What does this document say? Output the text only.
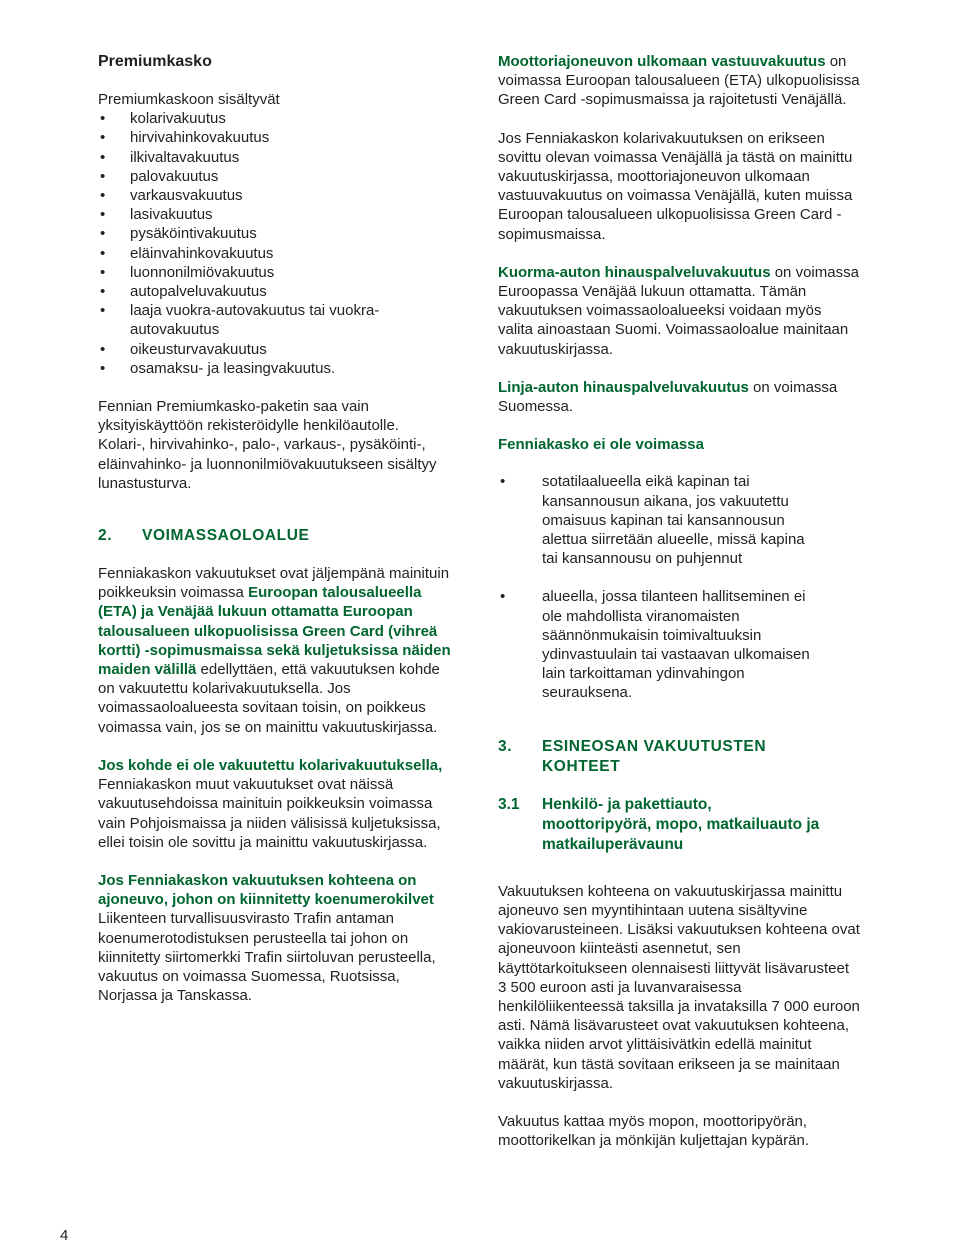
Premiumkasko

Premiumkaskoon sisältyvät

• kolarivakuutus
• hirvivahinkovakuutus
• ilkivaltavakuutus
• palovakuutus
• varkausvakuutus
• lasivakuutus
• pysäköintivakuutus
• eläinvahinkovakuutus
• luonnonilmiövakuutus
• autopalveluvakuutus
• laaja vuokra-autovakuutus tai vuokra-autovakuutus
• oikeusturvavakuutus
• osamaksu- ja leasingvakuutus.

Fennian Premiumkasko-paketin saa vain yksityiskäyttöön rekisteröidylle henkilöautolle.

Kolari-, hirvivahinko-, palo-, varkaus-, pysäköinti-, eläinvahinko- ja luonnonilmiövakuutukseen sisältyy lunastusturva.

2. VOIMASSAOLOALUE

Fenniakaskon vakuutukset ovat jäljempänä mainituin poikkeuksin voimassa Euroopan talousalueella (ETA) ja Venäjää lukuun ottamatta Euroopan talousalueen ulkopuolisissa Green Card (vihreä kortti) -sopimusmaissa sekä kuljetuksissa näiden maiden välillä edellyttäen, että vakuutuksen kohde on vakuutettu kolarivakuutuksella. Jos voimassaoloalueesta sovitaan toisin, on poikkeus voimassa vain, jos se on mainittu vakuutuskirjassa.

Jos kohde ei ole vakuutettu kolarivakuutuksella, Fenniakaskon muut vakuutukset ovat näissä vakuutusehdoissa mainituin poikkeuksin voimassa vain Pohjoismaissa ja niiden välisissä kuljetuksissa, ellei toisin ole sovittu ja mainittu vakuutuskirjassa.

Jos Fenniakaskon vakuutuksen kohteena on ajoneuvo, johon on kiinnitetty koenumerokilvet Liikenteen turvallisuusvirasto Trafin antaman koenumerotodistuksen perusteella tai johon on kiinnitetty siirtomerkki Trafin siirtoluvan perusteella, vakuutus on voimassa Suomessa, Ruotsissa, Norjassa ja Tanskassa.

Moottoriajoneuvon ulkomaan vastuuvakuutus on voimassa Euroopan talousalueen (ETA) ulkopuolisissa Green Card -sopimusmaissa ja rajoitetusti Venäjällä.

Jos Fenniakaskon kolarivakuutuksen on erikseen sovittu olevan voimassa Venäjällä ja tästä on mainittu vakuutuskirjassa, moottoriajoneuvon ulkomaan vastuuvakuutus on voimassa Venäjällä, kuten muissa Euroopan talousalueen ulkopuolisissa Green Card -sopimusmaissa.

Kuorma-auton hinauspalveluvakuutus on voimassa Euroopassa Venäjää lukuun ottamatta. Tämän vakuutuksen voimassaoloalueeksi voidaan myös valita ainoastaan Suomi. Voimassaoloalue mainitaan vakuutuskirjassa.

Linja-auton hinauspalveluvakuutus on voimassa Suomessa.

Fenniakasko ei ole voimassa

• sotatilaalueella eikä kapinan tai kansannousun aikana, jos vakuutettu omaisuus kapinan tai kansannousun alettua siirretään alueelle, missä kapina tai kansannousu on puhjennut
• alueella, jossa tilanteen hallitseminen ei ole mahdollista viranomaisten säännönmukaisin toimivaltuuksin ydinvastuulain tai vastaavan ulkomaisen lain tarkoittaman ydinvahingon seurauksena.
3.	ESINEOSAN VAKUUTUSTEN KOHTEET
3.1	Henkilö- ja pakettiauto, moottoripyörä, mopo, matkailuauto ja matkailuperävaunu

Vakuutuksen kohteena on vakuutuskirjassa mainittu ajoneuvo sen myyntihintaan uutena sisältyvine vakiovarusteineen. Lisäksi vakuutuksen kohteena ovat ajoneuvoon kiinteästi asennetut, sen käyttötarkoitukseen olennaisesti liittyvät lisävarusteet 3 500 euroon asti ja luvanvaraisessa henkilöliikenteessä taksilla ja invataksilla 7 000 euroon asti. Nämä lisävarusteet ovat vakuutuksen kohteena, vaikka niiden arvot ylittäisivätkin edellä mainitut määrät, kun tästä sovitaan erikseen ja se mainitaan vakuutuskirjassa.

Vakuutus kattaa myös mopon, moottoripyörän, moottorikelkan ja mönkijän kuljettajan kypärän.

4
